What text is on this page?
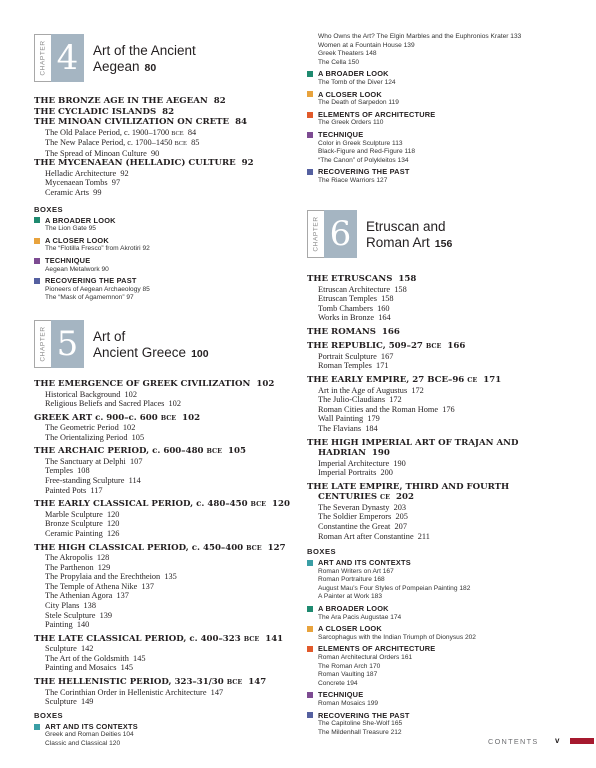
CHAPTER 4	Art of the Ancient
Aegean 80
THE BRONZE AGE IN THE AEGEAN 82
THE CYCLADIC ISLANDS 82
THE MINOAN CIVILIZATION ON CRETE 84
The Old Palace Period, c. 1900–1700 BCE 84
The New Palace Period, c. 1700–1450 BCE 85
The Spread of Minoan Culture 90
THE MYCENAEAN (HELLADIC) CULTURE 92
Helladic Architecture 92
Mycenaean Tombs 97
Ceramic Arts 99
BOXES
A BROADER LOOK
The Lion Gate 95
A CLOSER LOOK
The “Flotilla Fresco” from Akrotiri 92
TECHNIQUE
Aegean Metalwork 90
RECOVERING THE PAST
Pioneers of Aegean Archaeology 85
The “Mask of Agamemnon” 97
CHAPTER 5	Art of
Ancient Greece 100
THE EMERGENCE OF GREEK CIVILIZATION 102
Historical Background 102
Religious Beliefs and Sacred Places 102
GREEK ART c. 900–c. 600 BCE 102
The Geometric Period 102
The Orientalizing Period 105
THE ARCHAIC PERIOD, c. 600–480 BCE 105
The Sanctuary at Delphi 107
Temples 108
Free-standing Sculpture 114
Painted Pots 117
THE EARLY CLASSICAL PERIOD, c. 480–450 BCE 120
Marble Sculpture 120
Bronze Sculpture 120
Ceramic Painting 126
THE HIGH CLASSICAL PERIOD, c. 450–400 BCE 127
The Akropolis 128
The Parthenon 129
The Propylaia and the Erechtheion 135
The Temple of Athena Nike 137
The Athenian Agora 137
City Plans 138
Stele Sculpture 139
Painting 140
THE LATE CLASSICAL PERIOD, c. 400–323 BCE 141
Sculpture 142
The Art of the Goldsmith 145
Painting and Mosaics 145
THE HELLENISTIC PERIOD, 323–31/30 BCE 147
The Corinthian Order in Hellenistic Architecture 147
Sculpture 149
BOXES
ART AND ITS CONTEXTS
Greek and Roman Deities 104
Classic and Classical 120
Who Owns the Art? The Elgin Marbles and the Euphronios Krater 133
Women at a Fountain House 139
Greek Theaters 148
The Cella 150
A BROADER LOOK
The Tomb of the Diver 124
A CLOSER LOOK
The Death of Sarpedon 119
ELEMENTS OF ARCHITECTURE
The Greek Orders 110
TECHNIQUE
Color in Greek Sculpture 113
Black-Figure and Red-Figure 118
“The Canon” of Polykleitos 134
RECOVERING THE PAST
The Riace Warriors 127
CHAPTER 6	Etruscan and
Roman Art 156
THE ETRUSCANS 158
Etruscan Architecture 158
Etruscan Temples 158
Tomb Chambers 160
Works in Bronze 164
THE ROMANS 166
THE REPUBLIC, 509–27 BCE 166
Portrait Sculpture 167
Roman Temples 171
THE EARLY EMPIRE, 27 BCE–96 CE 171
Art in the Age of Augustus 172
The Julio-Claudians 172
Roman Cities and the Roman Home 176
Wall Painting 179
The Flavians 184
THE HIGH IMPERIAL ART OF TRAJAN AND
HADRIAN 190
Imperial Architecture 190
Imperial Portraits 200
THE LATE EMPIRE, THIRD AND FOURTH
CENTURIES CE 202
The Severan Dynasty 203
The Soldier Emperors 205
Constantine the Great 207
Roman Art after Constantine 211
BOXES
ART AND ITS CONTEXTS
Roman Writers on Art 167
Roman Portraiture 168
August Mau’s Four Styles of Pompeian Painting 182
A Painter at Work 183
A BROADER LOOK
The Ara Pacis Augustae 174
A CLOSER LOOK
Sarcophagus with the Indian Triumph of Dionysus 202
ELEMENTS OF ARCHITECTURE
Roman Architectural Orders 161
The Roman Arch 170
Roman Vaulting 187
Concrete 194
TECHNIQUE
Roman Mosaics 199
RECOVERING THE PAST
The Capitoline She-Wolf 165
The Mildenhall Treasure 212
CONTENTS v
